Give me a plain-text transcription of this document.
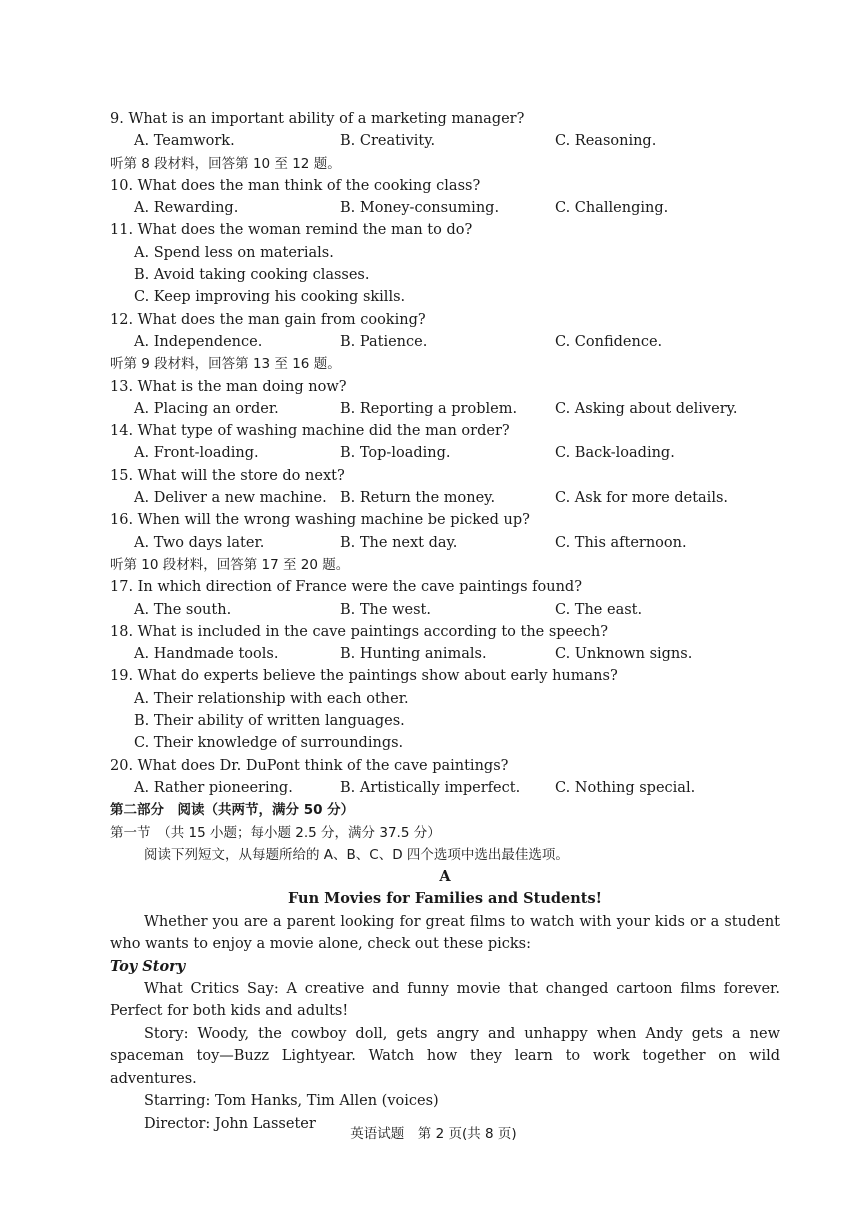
9. What is an important ability of a marketing manager?
A. Teamwork.	B. Creativity.	C. Reasoning.
听第 8 段材料，回答第 10 至 12 题。
10. What does the man think of the cooking class?
A. Rewarding.	B. Money-consuming.	C. Challenging.
11. What does the woman remind the man to do?
A. Spend less on materials.
B. Avoid taking cooking classes.
C. Keep improving his cooking skills.
12. What does the man gain from cooking?
A. Independence.	B. Patience.	C. Confidence.
听第 9 段材料，回答第 13 至 16 题。
13. What is the man doing now?
A. Placing an order.	B. Reporting a problem.	C. Asking about delivery.
14. What type of washing machine did the man order?
A. Front-loading.	B. Top-loading.	C. Back-loading.
15. What will the store do next?
A. Deliver a new machine. B. Return the money.	C. Ask for more details.
16. When will the wrong washing machine be picked up?
A. Two days later.	B. The next day.	C. This afternoon.
听第 10 段材料，回答第 17 至 20 题。
17. In which direction of France were the cave paintings found?
A. The south.	B. The west.	C. The east.
18. What is included in the cave paintings according to the speech?
A. Handmade tools.	B. Hunting animals.	C. Unknown signs.
19. What do experts believe the paintings show about early humans?
A. Their relationship with each other.
B. Their ability of written languages.
C. Their knowledge of surroundings.
20. What does Dr. DuPont think of the cave paintings?
A. Rather pioneering.	B. Artistically imperfect. C. Nothing special.
第二部分　阅读（共两节，满分 50 分）
第一节　（共 15 小题；每小题 2.5 分，满分 37.5 分）
阅读下列短文，从每题所给的 A、B、C、D 四个选项中选出最佳选项。
A
Fun Movies for Families and Students!

Whether you are a parent looking for great films to watch with your kids or a student who wants to enjoy a movie alone, check out these picks:

Toy Story

What Critics Say: A creative and funny movie that changed cartoon films forever. Perfect for both kids and adults!

Story: Woody, the cowboy doll, gets angry and unhappy when Andy gets a new spaceman toy—Buzz Lightyear. Watch how they learn to work together on wild adventures.

Starring: Tom Hanks, Tim Allen (voices)
Director: John Lasseter
英语试题　第 2 页(共 8 页)
